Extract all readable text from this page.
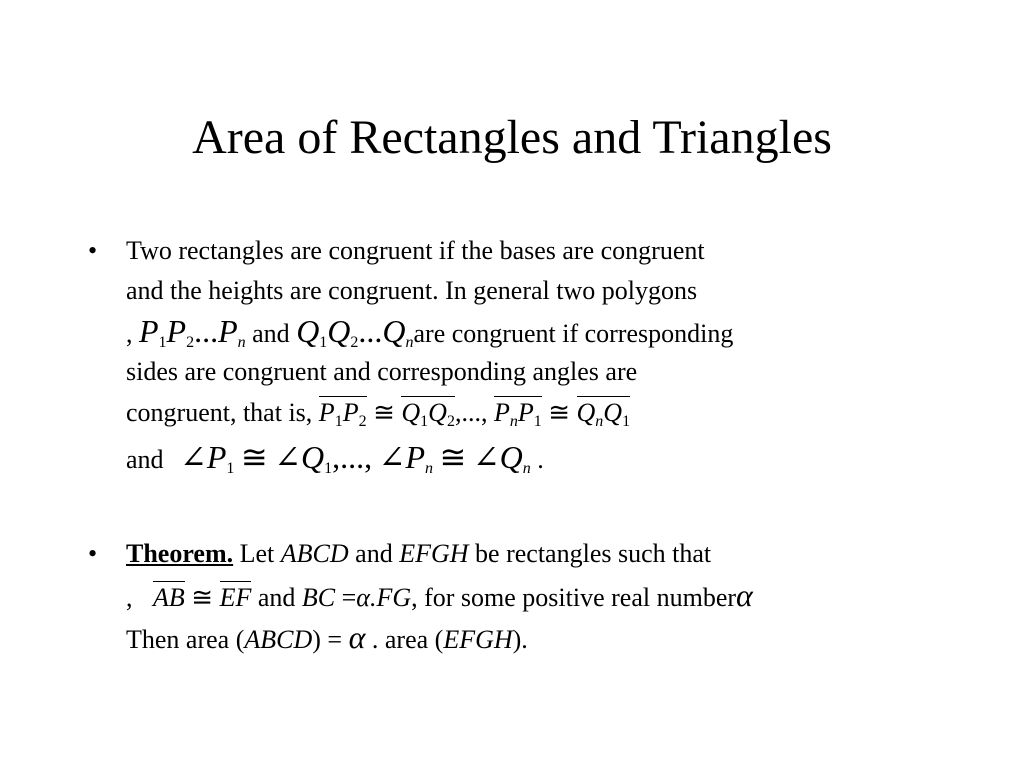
Area of Rectangles and Triangles
• Two rectangles are congruent if the bases are congruent
and the heights are congruent. In general two polygons
, $P_1P_2...Pn$ and $Q_1Q_2...Qnare$ congruent if corresponding
sides are congruent and corresponding angles are
congruent, that is, $P_1P_2$ ≅ $Q_1Q_2$,..., PnP$_1$ ≅ QnQ$_1$
and $\angle P_1$ ≅ $\angle Q_1$,..., ∠Pn ≅ ∠Qn .
• Theorem. Let ABCD and EFGH be rectangles such that
, AB ≅ EF and BC =α.FG, for some positive real numberα
Then area (ABCD) = α . area (EFGH).
